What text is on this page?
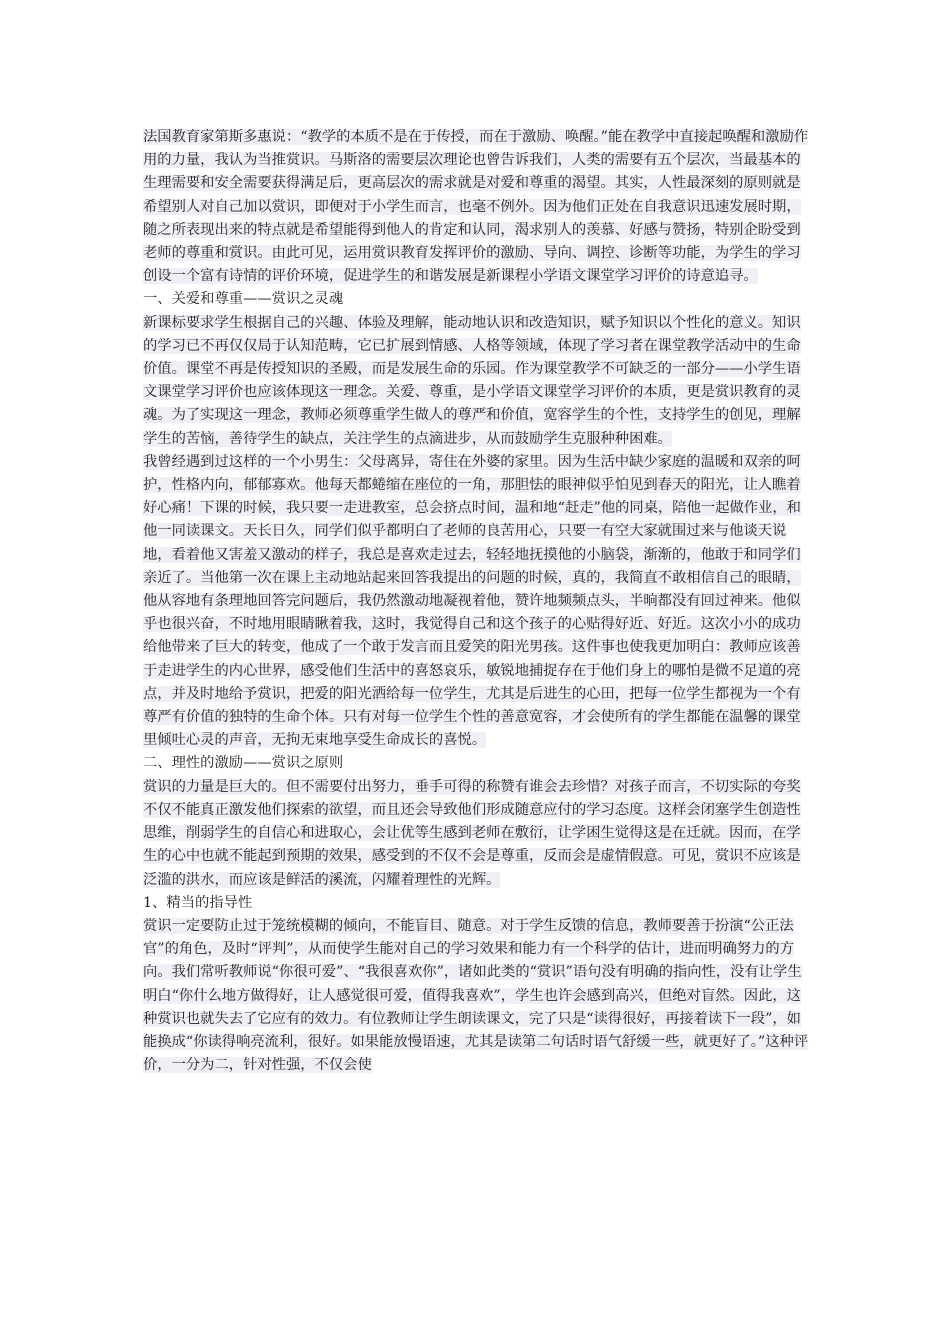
法国教育家第斯多惠说：“教学的本质不是在于传授，而在于激励、唤醒。”能在教学中直接起唤醒和激励作用的力量，我认为当推赏识。马斯洛的需要层次理论也曾告诉我们，人类的需要有五个层次，当最基本的生理需要和安全需要获得满足后，更高层次的需求就是对爱和尊重的渴望。其实，人性最深刻的原则就是希望别人对自己加以赏识，即便对于小学生而言，也毫不例外。因为他们正处在自我意识迅速发展时期，随之所表现出来的特点就是希望能得到他人的肯定和认同，渴求别人的羡慕、好感与赞扬，特别企盼受到老师的尊重和赏识。由此可见，运用赏识教育发挥评价的激励、导向、调控、诊断等功能，为学生的学习创设一个富有诗情的评价环境，促进学生的和谐发展是新课程小学语文课堂学习评价的诗意追寻。

一、关爱和尊重——赏识之灵魂

新课标要求学生根据自己的兴趣、体验及理解，能动地认识和改造知识，赋予知识以个性化的意义。知识的学习已不再仅仅局于认知范畴，它已扩展到情感、人格等领域，体现了学习者在课堂教学活动中的生命价值。课堂不再是传授知识的圣殿，而是发展生命的乐园。作为课堂教学不可缺乏的一部分——小学生语文课堂学习评价也应该体现这一理念。关爱、尊重，是小学语文课堂学习评价的本质，更是赏识教育的灵魂。为了实现这一理念，教师必须尊重学生做人的尊严和价值，宽容学生的个性，支持学生的创见，理解学生的苦恼，善待学生的缺点，关注学生的点滴进步，从而鼓励学生克服种种困难。

我曾经遇到过这样的一个小男生：父母离异，寄住在外婆的家里。因为生活中缺少家庭的温暖和双亲的呵护，性格内向，郁郁寡欢。他每天都蜷缩在座位的一角，那胆怯的眼神似乎怕见到春天的阳光，让人瞧着好心痛！下课的时候，我只要一走进教室，总会挤点时间，温和地“赶走”他的同桌，陪他一起做作业，和他一同读课文。天长日久，同学们似乎都明白了老师的良苦用心，只要一有空大家就围过来与他谈天说地，看着他又害羞又激动的样子，我总是喜欢走过去，轻轻地抚摸他的小脑袋，渐渐的，他敢于和同学们亲近了。当他第一次在课上主动地站起来回答我提出的问题的时候，真的，我简直不敢相信自己的眼睛，他从容地有条理地回答完问题后，我仍然激动地凝视着他，赞许地频频点头，半晌都没有回过神来。他似乎也很兴奋，不时地用眼睛瞅着我，这时，我觉得自己和这个孩子的心贴得好近、好近。这次小小的成功给他带来了巨大的转变，他成了一个敢于发言而且爱笑的阳光男孩。这件事也使我更加明白：教师应该善于走进学生的内心世界，感受他们生活中的喜怒哀乐，敏锐地捕捉存在于他们身上的哪怕是微不足道的亮点，并及时地给予赏识，把爱的阳光洒给每一位学生，尤其是后进生的心田，把每一位学生都视为一个有尊严有价值的独特的生命个体。只有对每一位学生个性的善意宽容，才会使所有的学生都能在温馨的课堂里倾吐心灵的声音，无拘无束地享受生命成长的喜悦。

二、理性的激励——赏识之原则

赏识的力量是巨大的。但不需要付出努力，垂手可得的称赞有谁会去珍惜？对孩子而言，不切实际的夸奖不仅不能真正激发他们探索的欲望，而且还会导致他们形成随意应付的学习态度。这样会闭塞学生创造性思维，削弱学生的自信心和进取心，会让优等生感到老师在敷衍，让学困生觉得这是在迁就。因而，在学生的心中也就不能起到预期的效果，感受到的不仅不会是尊重，反而会是虚情假意。可见，赏识不应该是泛滥的洪水，而应该是鲜活的溪流，闪耀着理性的光辉。

1、精当的指导性

赏识一定要防止过于笼统模糊的倾向，不能盲目、随意。对于学生反馈的信息，教师要善于扮演“公正法官”的角色，及时“评判”，从而使学生能对自己的学习效果和能力有一个科学的估计，进而明确努力的方向。我们常听教师说“你很可爱”、“我很喜欢你”，诸如此类的“赏识”语句没有明确的指向性，没有让学生明白“你什么地方做得好，让人感觉很可爱，值得我喜欢”，学生也许会感到高兴，但绝对盲然。因此，这种赏识也就失去了它应有的效力。有位教师让学生朗读课文，完了只是“读得很好，再接着读下一段”，如能换成“你读得响亮流利，很好。如果能放慢语速，尤其是读第二句话时语气舒缓一些，就更好了。”这种评价，一分为二，针对性强，不仅会使
